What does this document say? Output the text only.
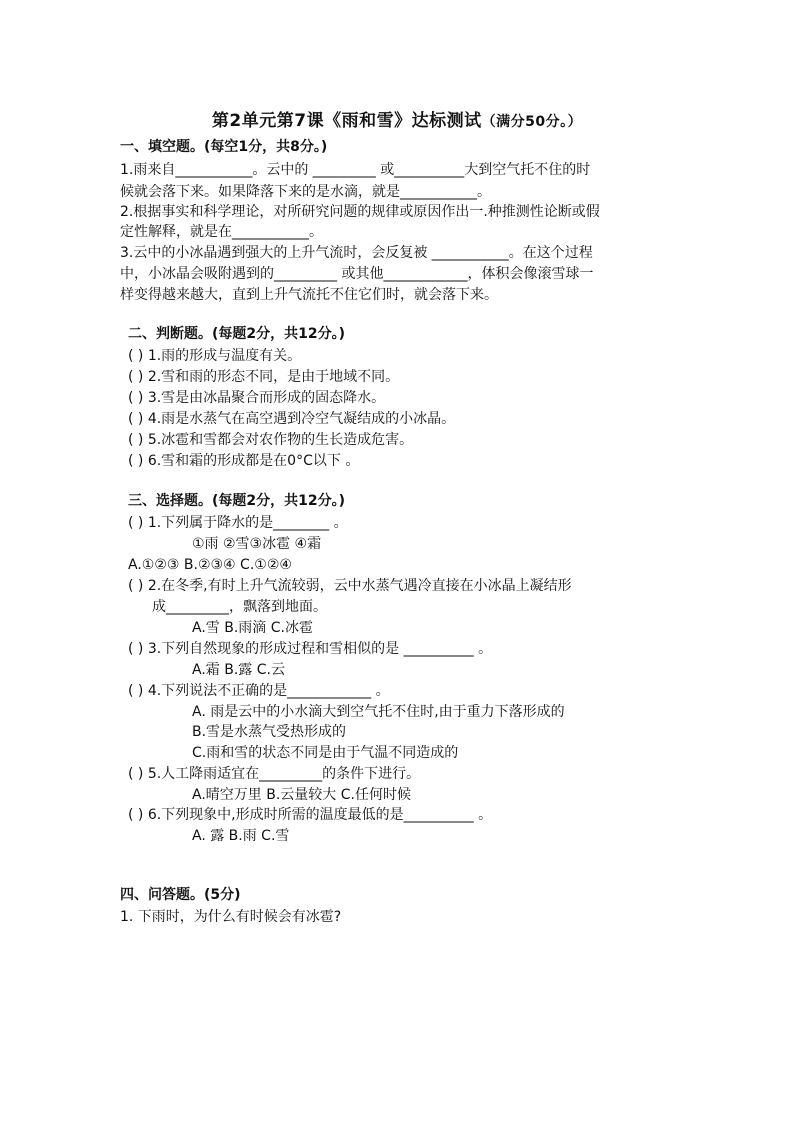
第2单元第7课《雨和雪》达标测试（满分50分。）
一、填空题。(每空1分，共8分。)
1.雨来自___________。云中的 _________ 或__________大到空气托不住的时
候就会落下来。如果降落下来的是水滴，就是___________。
2.根据事实和科学理论，对所研究问题的规律或原因作出一.种推测性论断或假
定性解释，就是在___________。
3.云中的小冰晶遇到强大的上升气流时，会反复被 ___________。在这个过程
中，小冰晶会吸附遇到的_________ 或其他____________，体积会像滚雪球一
样变得越来越大，直到上升气流托不住它们时，就会落下来。
二、判断题。(每题2分，共12分。)
( ) 1.雨的形成与温度有关。
( ) 2.雪和雨的形态不同，是由于地域不同。
( ) 3.雪是由冰晶聚合而形成的固态降水。
( ) 4.雨是水蒸气在高空遇到冷空气凝结成的小冰晶。
( ) 5.冰雹和雪都会对农作物的生长造成危害。
( ) 6.雪和霜的形成都是在0°C以下 。
三、选择题。(每题2分，共12分。)
( ) 1.下列属于降水的是________ 。
①雨 ②雪③冰雹 ④霜
A.①②③ B.②③④ C.①②④
( ) 2.在冬季,有时上升气流较弱，云中水蒸气遇冷直接在小冰晶上凝结形
成_________，飘落到地面。
A.雪 B.雨滴 C.冰雹
( ) 3.下列自然现象的形成过程和雪相似的是 __________ 。
A.霜 B.露 C.云
( ) 4.下列说法不正确的是____________ 。
A. 雨是云中的小水滴大到空气托不住时,由于重力下落形成的
B.雪是水蒸气受热形成的
C.雨和雪的状态不同是由于气温不同造成的
( ) 5.人工降雨适宜在_________的条件下进行。
A.晴空万里 B.云量较大 C.任何时候
( ) 6.下列现象中,形成时所需的温度最低的是__________ 。
A. 露 B.雨 C.雪
四、问答题。(5分)
1. 下雨时，为什么有时候会有冰雹?
